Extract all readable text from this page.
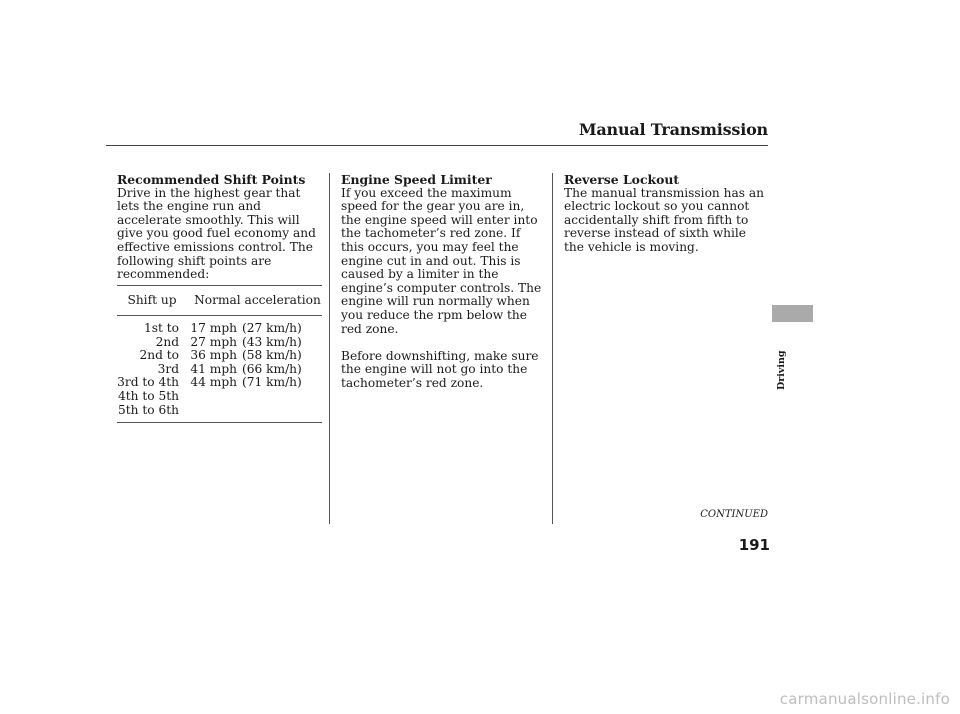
Manual Transmission

Recommended Shift Points

Drive in the highest gear that lets the engine run and accelerate smoothly. This will give you good fuel economy and effective emissions control. The following shift points are recommended:

Shift up	Normal acceleration
1st to 2nd
2nd to 3rd
3rd to 4th
4th to 5th
5th to 6th
17 mph
27 mph
36 mph
41 mph
44 mph
(27 km/h)
(43 km/h)
(58 km/h)
(66 km/h)
(71 km/h)

Engine Speed Limiter

If you exceed the maximum speed for the gear you are in, the engine speed will enter into the tachometer’s red zone. If this occurs, you may feel the engine cut in and out. This is caused by a limiter in the engine’s computer controls. The engine will run normally when you reduce the rpm below the red zone.

Before downshifting, make sure the engine will not go into the tachometer’s red zone.

Reverse Lockout

The manual transmission has an electric lockout so you cannot accidentally shift from fifth to reverse instead of sixth while the vehicle is moving.

CONTINUED
Driving
191
carmanualsonline.info
